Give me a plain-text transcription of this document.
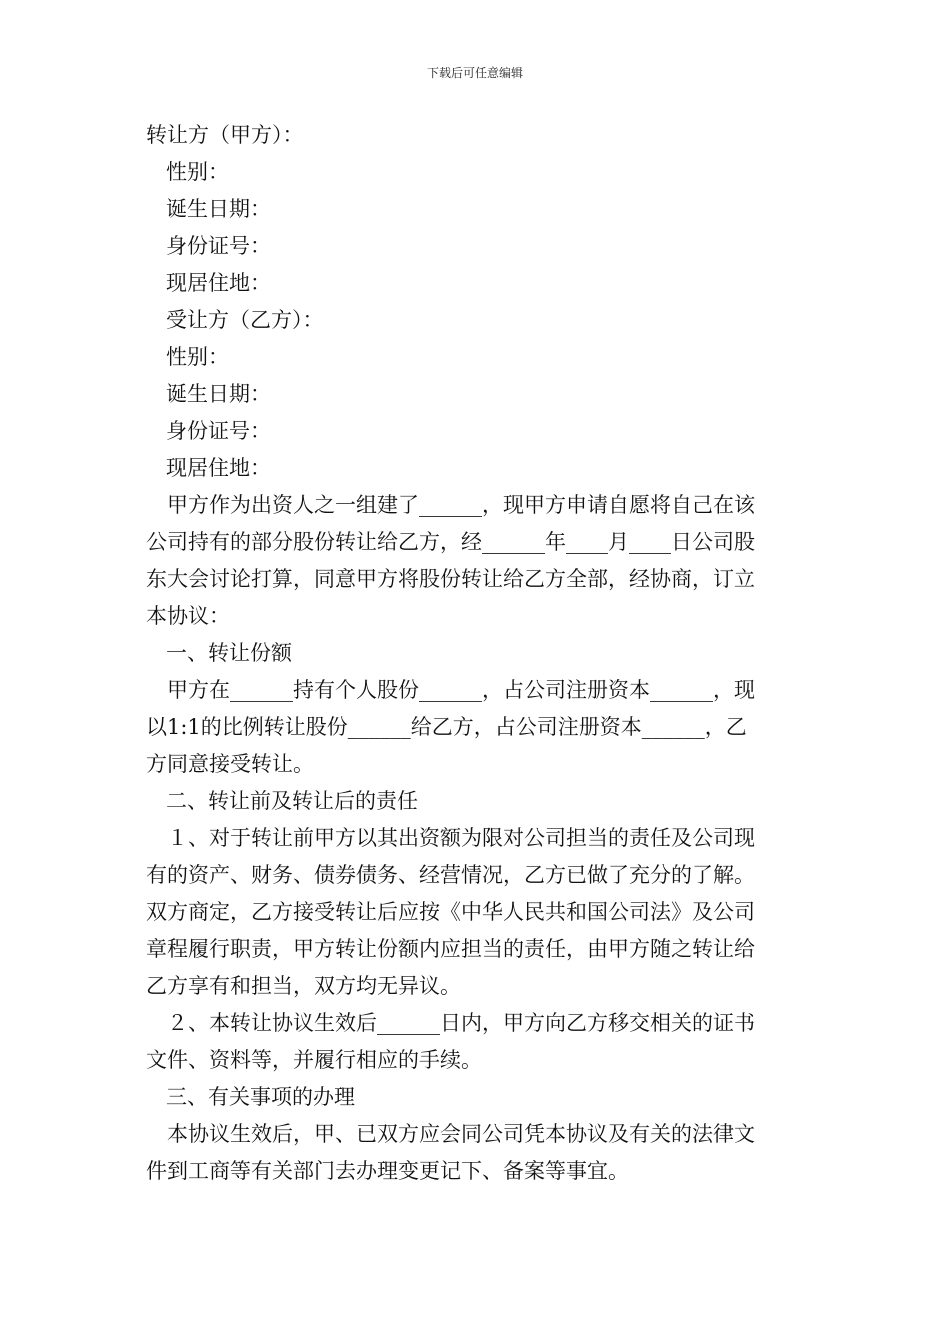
下载后可任意编辑
转让方（甲方）：
性别：
诞生日期：
身份证号：
现居住地：
受让方（乙方）：
性别：
诞生日期：
身份证号：
现居住地：
甲方作为出资人之一组建了______，现甲方申请自愿将自己在该
公司持有的部分股份转让给乙方，经______年____月____日公司股
东大会讨论打算，同意甲方将股份转让给乙方全部，经协商，订立
本协议：
一、转让份额
甲方在______持有个人股份______，占公司注册资本______，现
以1:1的比例转让股份______给乙方，占公司注册资本______，乙
方同意接受转让。
二、转让前及转让后的责任
１、对于转让前甲方以其出资额为限对公司担当的责任及公司现
有的资产、财务、债券债务、经营情况，乙方已做了充分的了解。
双方商定，乙方接受转让后应按《中华人民共和国公司法》及公司
章程履行职责，甲方转让份额内应担当的责任，由甲方随之转让给
乙方享有和担当，双方均无异议。
２、本转让协议生效后______日内，甲方向乙方移交相关的证书
文件、资料等，并履行相应的手续。
三、有关事项的办理
本协议生效后，甲、已双方应会同公司凭本协议及有关的法律文
件到工商等有关部门去办理变更记下、备案等事宜。
